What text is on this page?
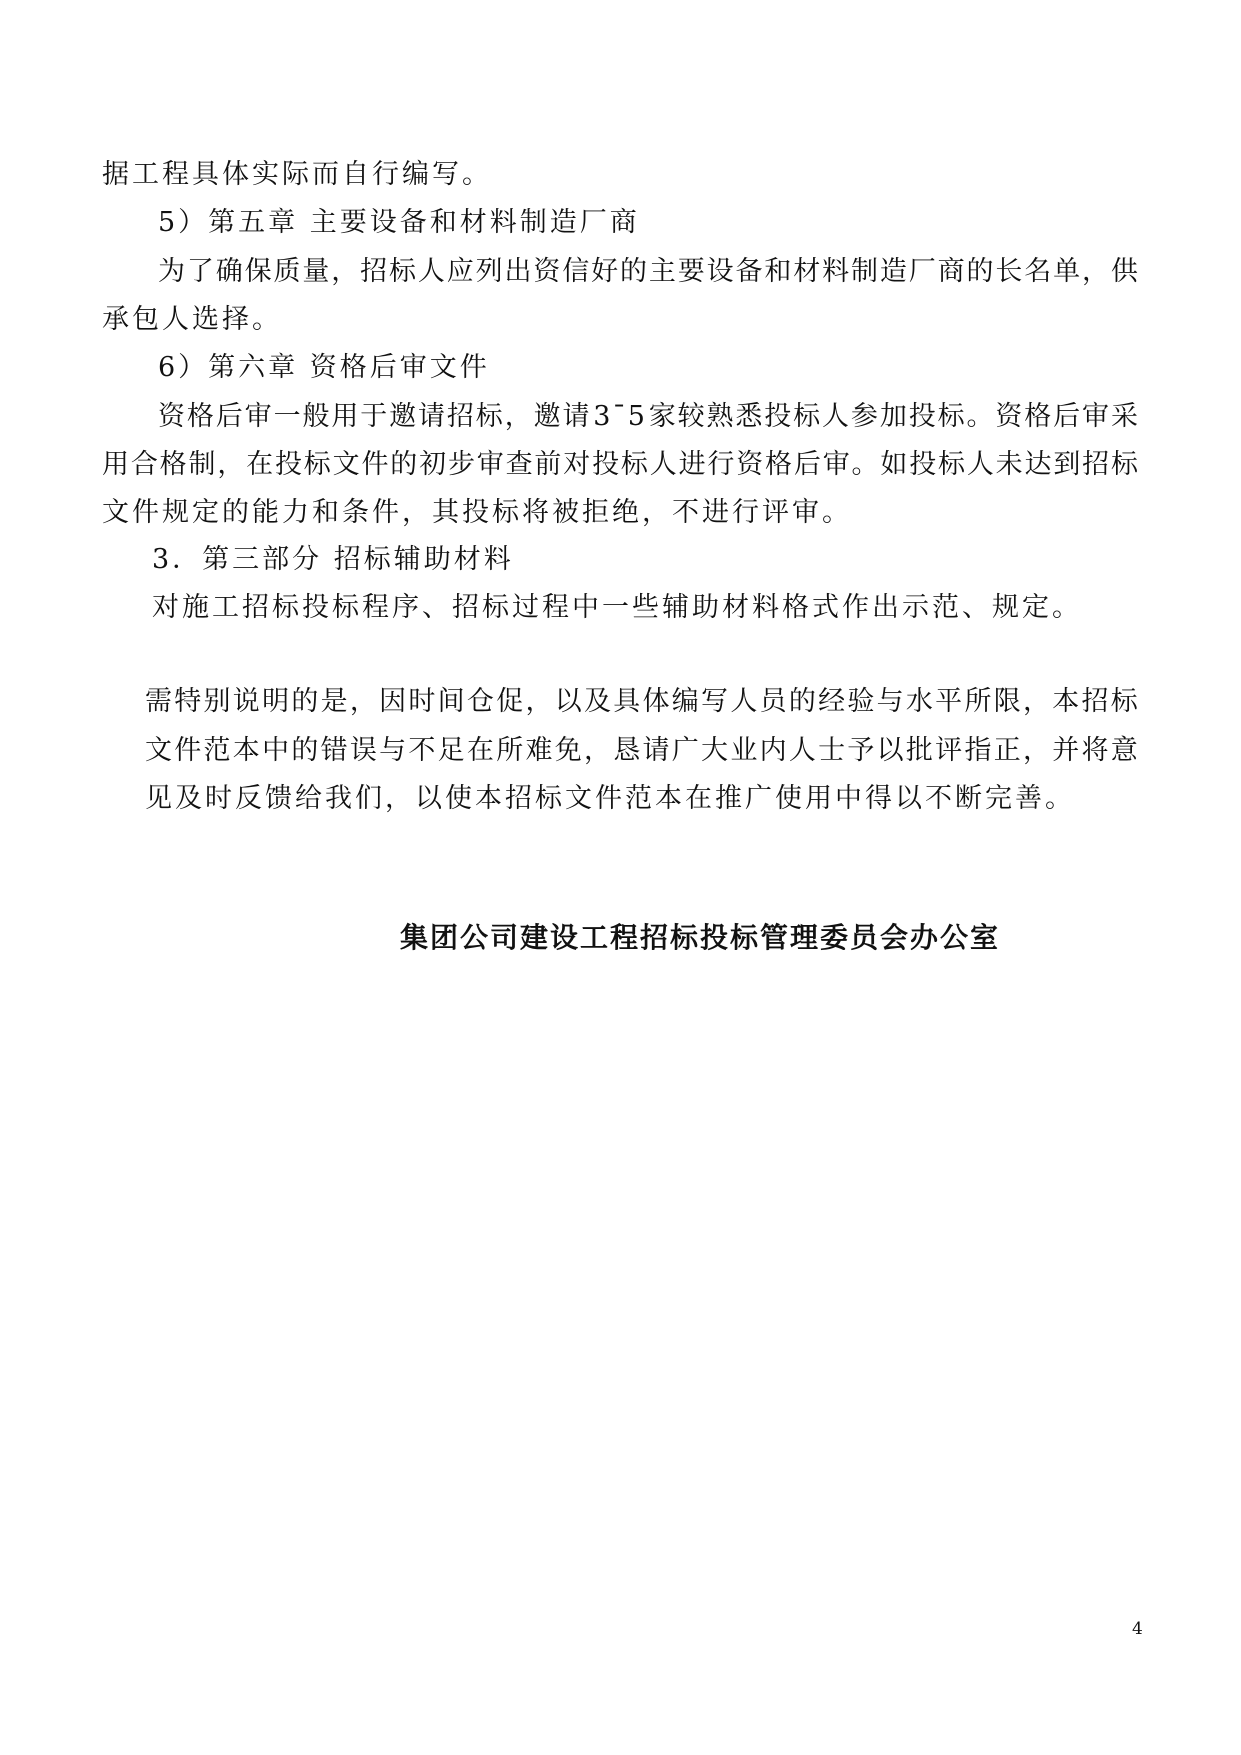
据工程具体实际而自行编写。
5）第五章 主要设备和材料制造厂商
为 了 确 保 质 量 ， 招 标 人 应 列 出 资 信 好 的 主 要 设 备 和 材 料 制 造 厂 商 的 长 名 单 ， 供
承包人选择。
6）第六章 资格后审文件
资 格 后 审 一 般 用 于 邀 请 招 标 ， 邀 请 3 ¯ 5 家 较 熟 悉 投 标 人 参 加 投 标 。 资 格 后 审 采
用 合 格 制 ， 在 投 标 文 件 的 初 步 审 查 前 对 投 标 人 进 行 资 格 后 审 。 如 投 标 人 未 达 到 招 标
文件规定的能力和条件，其投标将被拒绝，不进行评审。
3．第三部分 招标辅助材料
对施工招标投标程序、招标过程中一些辅助材料格式作出示范、规定。
需 特 别 说 明 的 是 ， 因 时 间 仓 促 ， 以 及 具 体 编 写 人 员 的 经 验 与 水 平 所 限 ， 本 招 标
文 件 范 本 中 的 错 误 与 不 足 在 所 难 免 ， 恳 请 广 大 业 内 人 士 予 以 批 评 指 正 ， 并 将 意
见及时反馈给我们，以使本招标文件范本在推广使用中得以不断完善。
集团公司建设工程招标投标管理委员会办公室
4
